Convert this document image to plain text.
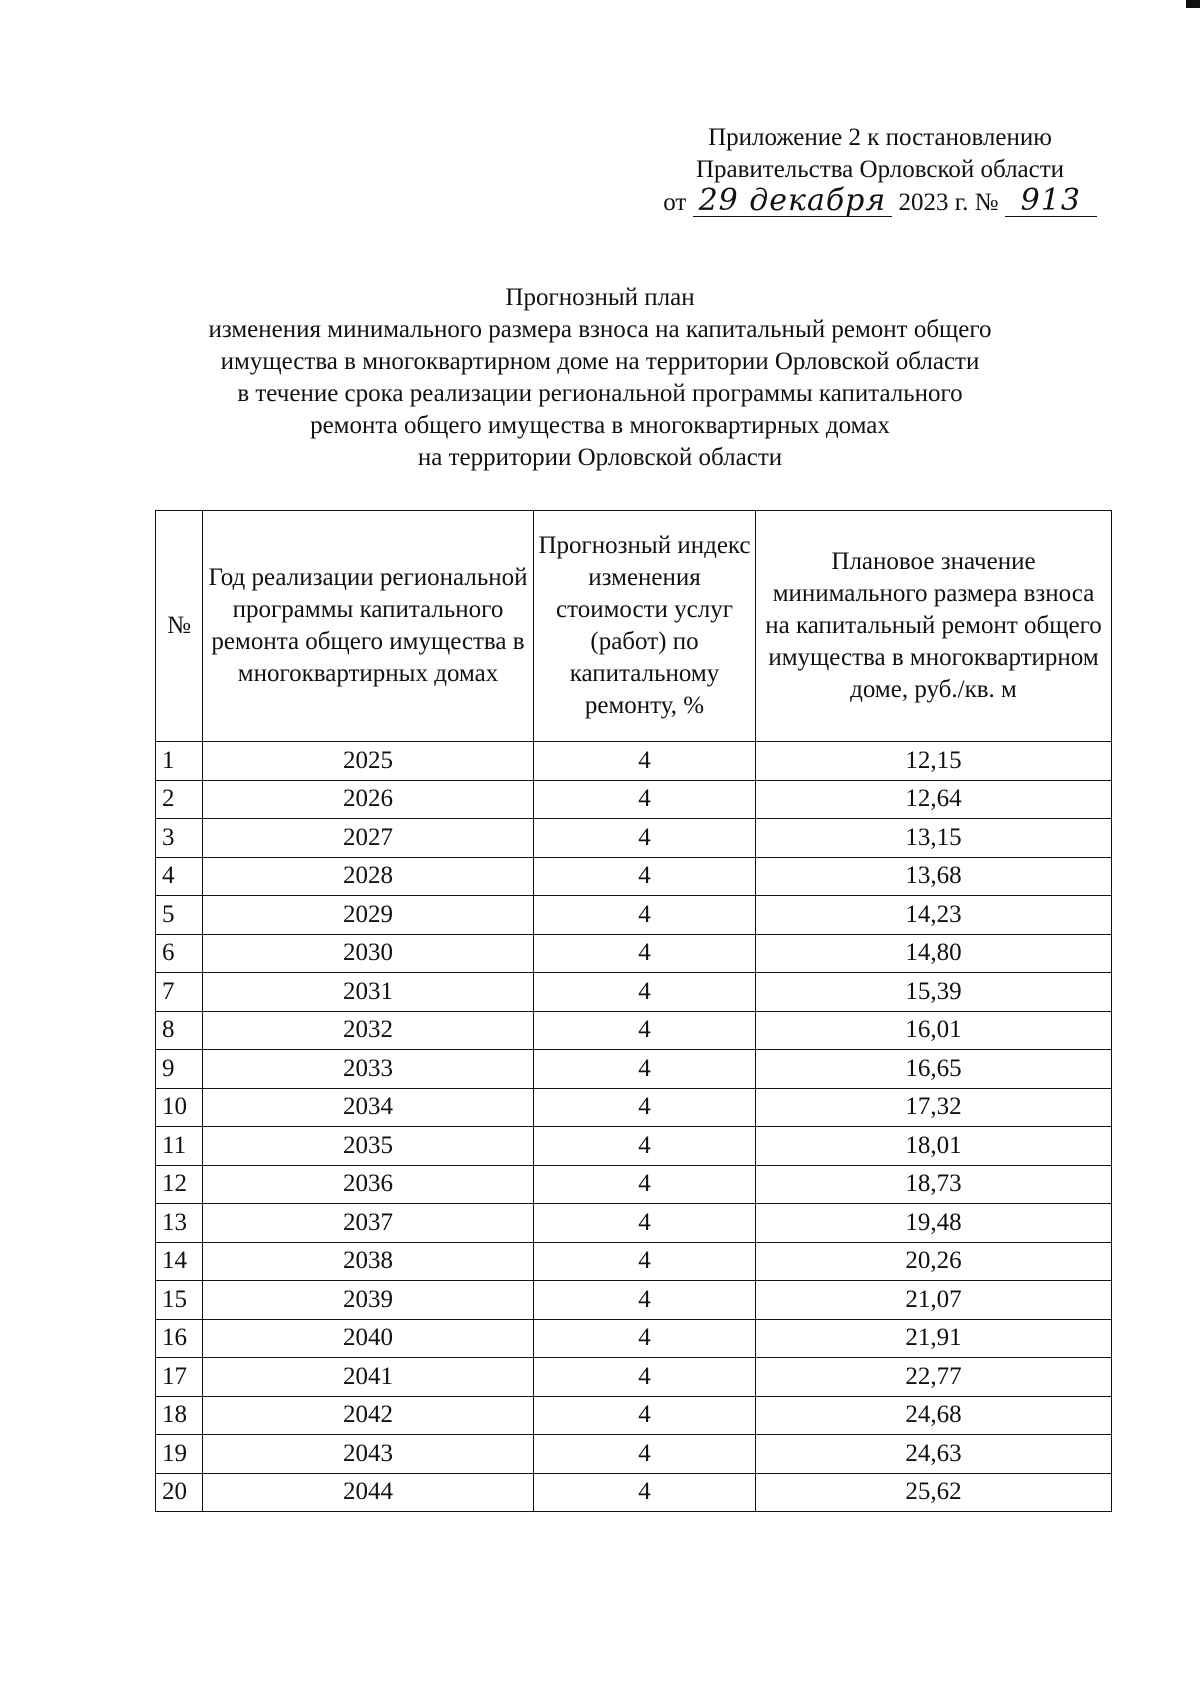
Приложение 2 к постановлению
Правительства Орловской области
от 29 декабря 2023 г. № 913
Прогнозный план
изменения минимального размера взноса на капитальный ремонт общего
имущества в многоквартирном доме на территории Орловской области
в течение срока реализации региональной программы капитального
ремонта общего имущества в многоквартирных домах
на территории Орловской области
№	Год реализации региональной программы капитального ремонта общего имущества в многоквартирных домах	Прогнозный индекс изменения стоимости услуг (работ) по капитальному ремонту, %	Плановое значение минимального размера взноса на капитальный ремонт общего имущества в многоквартирном доме, руб./кв. м
1	2025	4	12,15
2	2026	4	12,64
3	2027	4	13,15
4	2028	4	13,68
5	2029	4	14,23
6	2030	4	14,80
7	2031	4	15,39
8	2032	4	16,01
9	2033	4	16,65
10	2034	4	17,32
11	2035	4	18,01
12	2036	4	18,73
13	2037	4	19,48
14	2038	4	20,26
15	2039	4	21,07
16	2040	4	21,91
17	2041	4	22,77
18	2042	4	24,68
19	2043	4	24,63
20	2044	4	25,62
